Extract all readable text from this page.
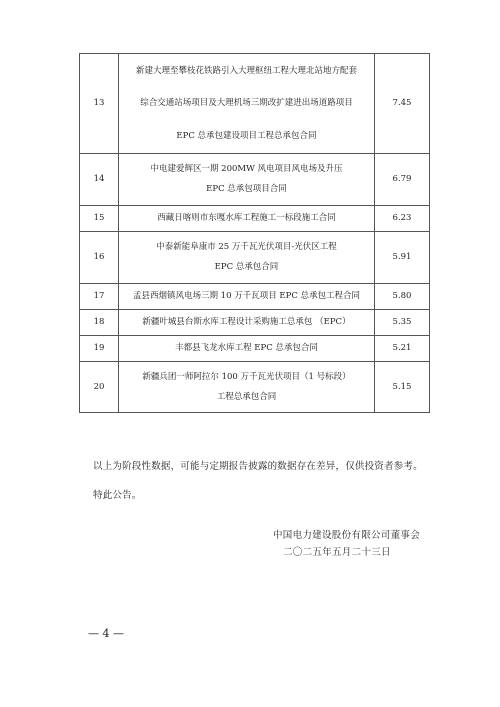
13	新建大理至攀枝花铁路引入大理枢纽工程大理北站地方配套
综合交通站场项目及大理机场三期改扩建进出场道路项目
EPC 总承包建设项目工程总承包合同	7.45
14	中电建爱辉区一期 200MW 风电项目风电场及升压
EPC 总承包项目合同	6.79
15	西藏日喀则市东嘎水库工程施工一标段施工合同	6.23
16	中泰新能阜康市 25 万千瓦光伏项目-光伏区工程
EPC 总承包合同	5.91
17	孟县西烟镇风电场三期 10 万千瓦项目 EPC 总承包工程合同	5.80
18	新疆叶城县台斯水库工程设计采购施工总承包 （EPC）	5.35
19	丰都县飞龙水库工程 EPC 总承包合同	5.21
20	新疆兵团一师阿拉尔 100 万千瓦光伏项目（1 号标段）
工程总承包合同	5.15
以上为阶段性数据，可能与定期报告披露的数据存在差异，仅供投资者参考。
特此公告。
中国电力建设股份有限公司董事会
二〇二五年五月二十三日
— 4 —
